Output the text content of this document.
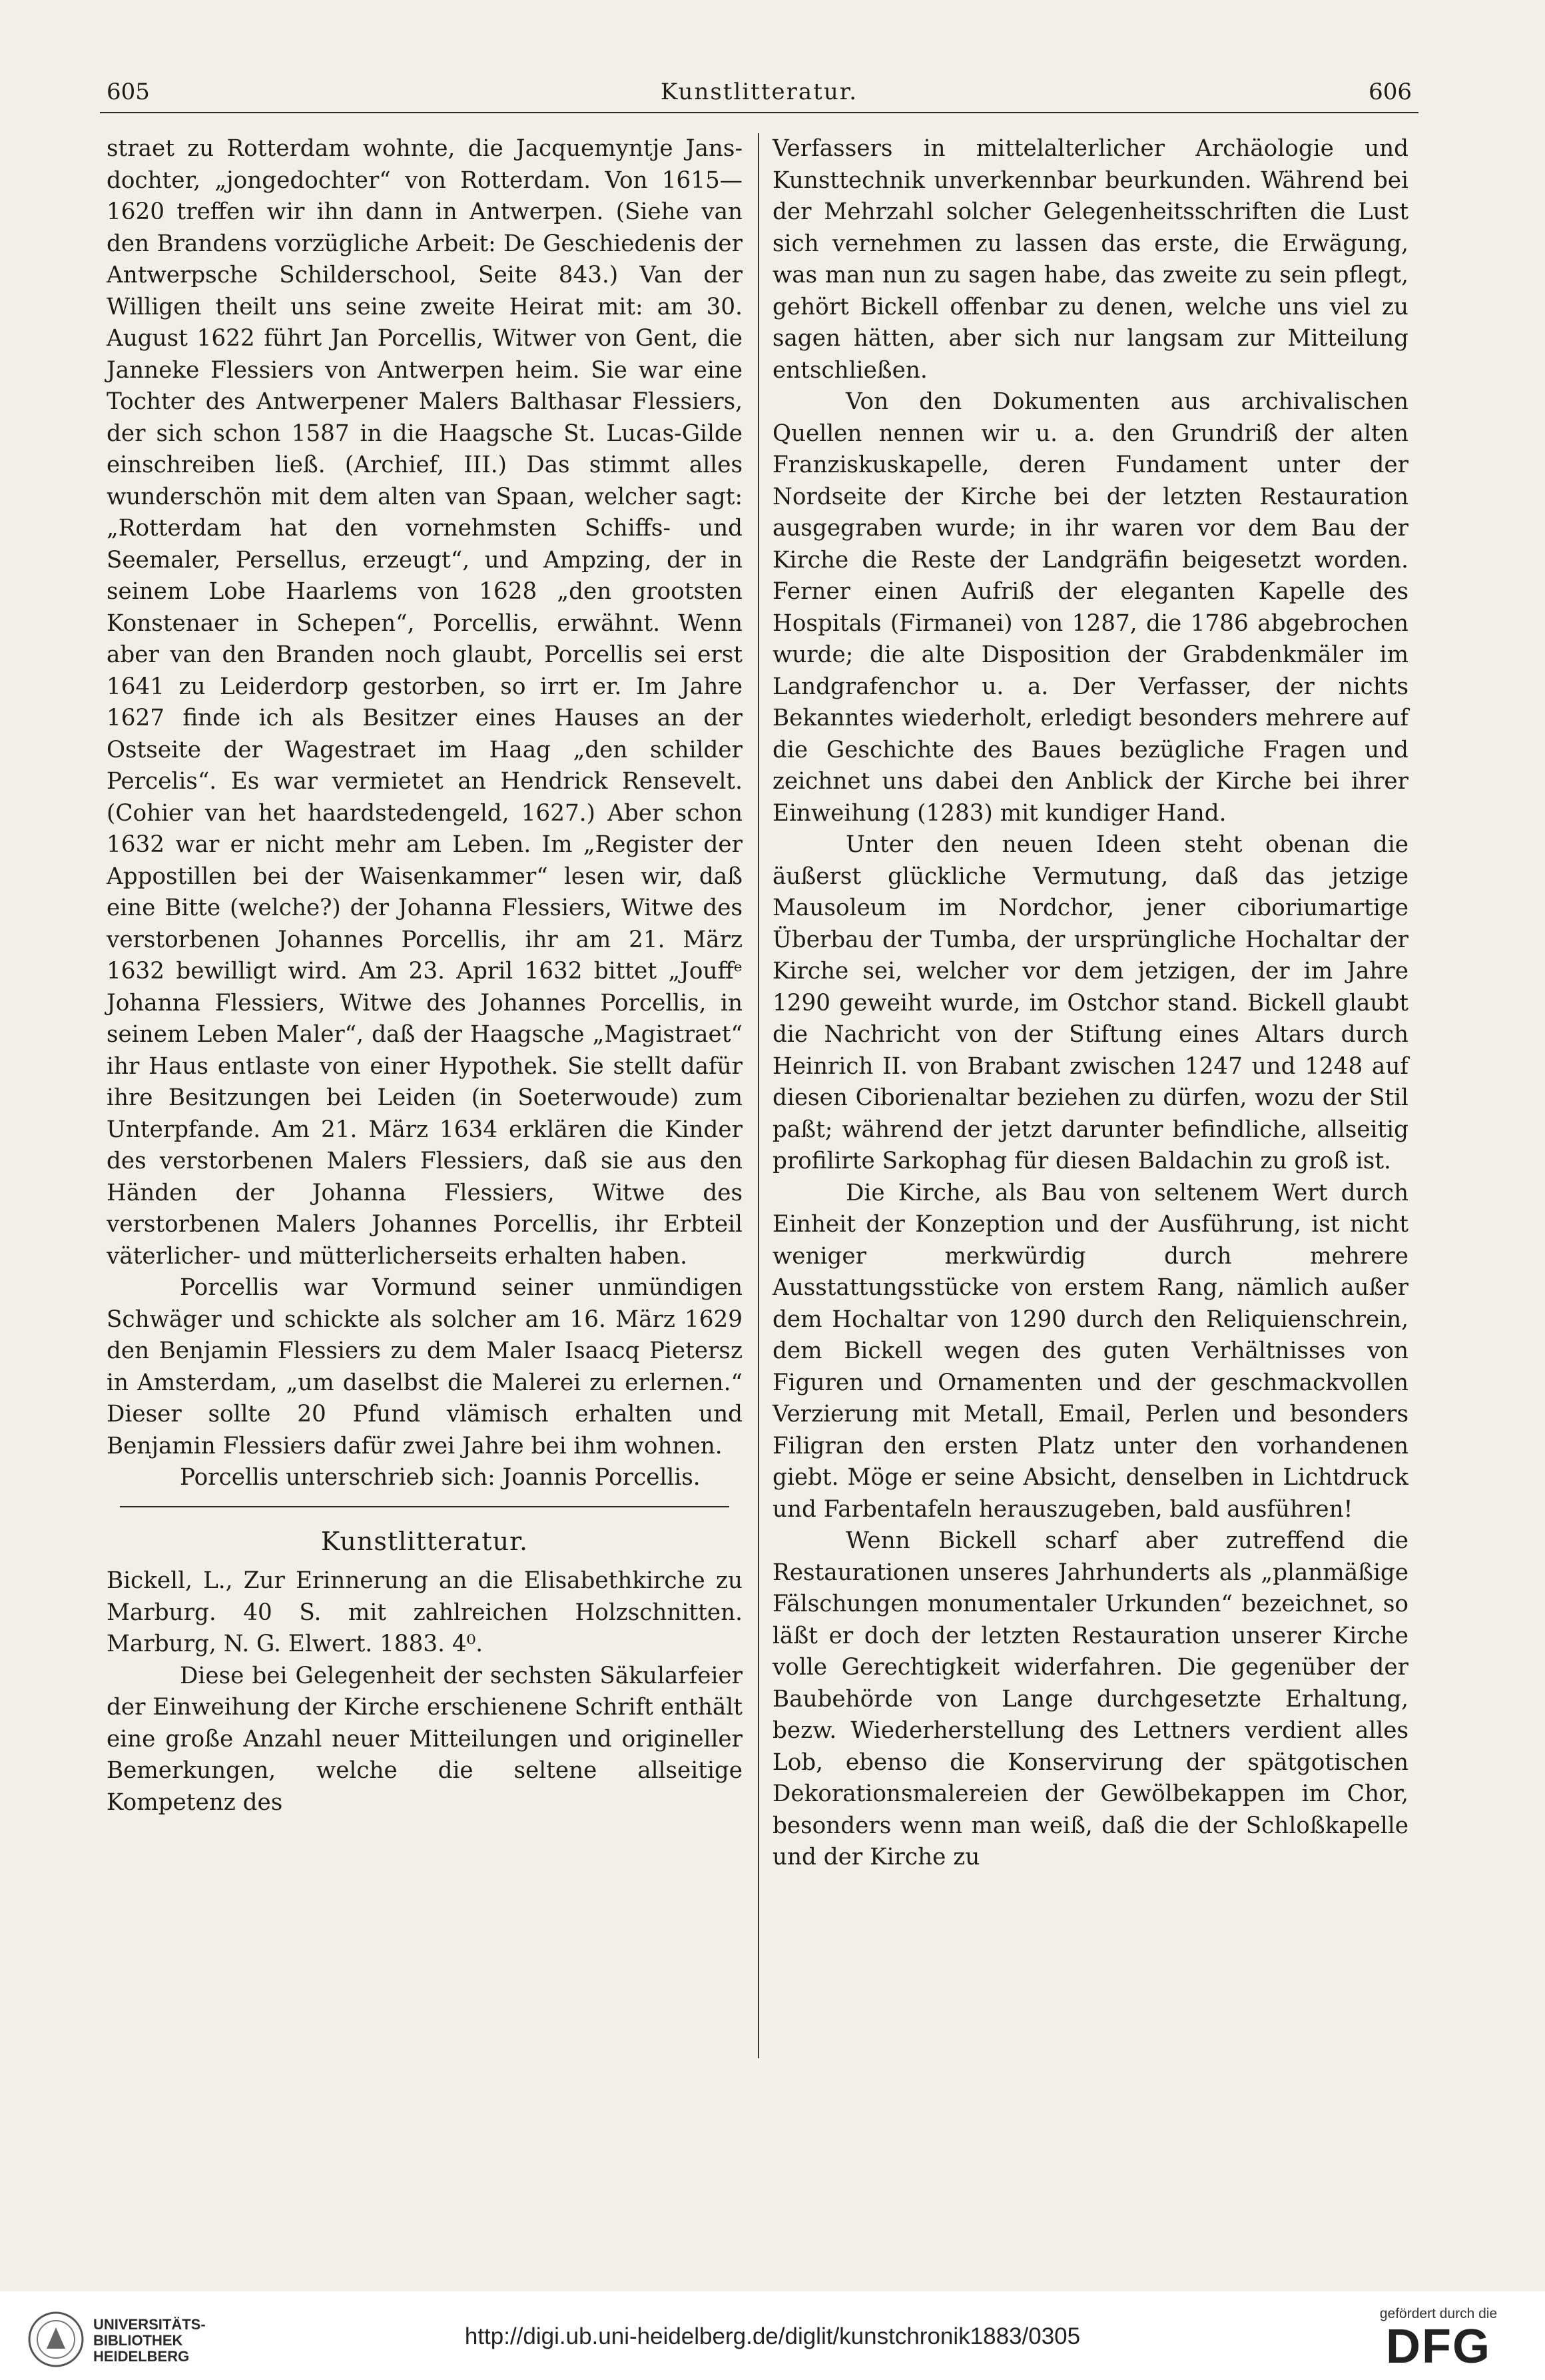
605	Kunstlitteratur.	606

straet zu Rotterdam wohnte, die Jacquemyntje Jans-dochter, „jongedochter“ von Rotterdam. Von 1615—1620 treffen wir ihn dann in Antwerpen. (Siehe van den Brandens vorzügliche Arbeit: De Geschiedenis der Antwerpsche Schilderschool, Seite 843.) Van der Willigen theilt uns seine zweite Heirat mit: am 30. August 1622 führt Jan Porcellis, Witwer von Gent, die Janneke Flessiers von Antwerpen heim. Sie war eine Tochter des Antwerpener Malers Balthasar Flessiers, der sich schon 1587 in die Haagsche St. Lucas-Gilde einschreiben ließ. (Archief, III.) Das stimmt alles wunderschön mit dem alten van Spaan, welcher sagt: „Rotterdam hat den vornehmsten Schiffs- und Seemaler, Persellus, erzeugt“, und Ampzing, der in seinem Lobe Haarlems von 1628 „den grootsten Konstenaer in Schepen“, Porcellis, erwähnt. Wenn aber van den Branden noch glaubt, Porcellis sei erst 1641 zu Leiderdorp gestorben, so irrt er. Im Jahre 1627 finde ich als Besitzer eines Hauses an der Ostseite der Wagestraet im Haag „den schilder Percelis“. Es war vermietet an Hendrick Rensevelt. (Cohier van het haardstedengeld, 1627.) Aber schon 1632 war er nicht mehr am Leben. Im „Register der Appostillen bei der Waisenkammer“ lesen wir, daß eine Bitte (welche?) der Johanna Flessiers, Witwe des verstorbenen Johannes Porcellis, ihr am 21. März 1632 bewilligt wird. Am 23. April 1632 bittet „Jouffᵉ Johanna Flessiers, Witwe des Johannes Porcellis, in seinem Leben Maler“, daß der Haagsche „Magistraet“ ihr Haus entlaste von einer Hypothek. Sie stellt dafür ihre Besitzungen bei Leiden (in Soeterwoude) zum Unterpfande. Am 21. März 1634 erklären die Kinder des verstorbenen Malers Flessiers, daß sie aus den Händen der Johanna Flessiers, Witwe des verstorbenen Malers Johannes Porcellis, ihr Erbteil väterlicher- und mütterlicherseits erhalten haben.

Porcellis war Vormund seiner unmündigen Schwäger und schickte als solcher am 16. März 1629 den Benjamin Flessiers zu dem Maler Isaacq Pietersz in Amsterdam, „um daselbst die Malerei zu erlernen.“ Dieser sollte 20 Pfund vlämisch erhalten und Benjamin Flessiers dafür zwei Jahre bei ihm wohnen.

Porcellis unterschrieb sich: Joannis Porcellis.

Kunstlitteratur.

Bickell, L., Zur Erinnerung an die Elisabethkirche zu Marburg. 40 S. mit zahlreichen Holzschnitten. Marburg, N. G. Elwert. 1883. 4⁰.

Diese bei Gelegenheit der sechsten Säkularfeier der Einweihung der Kirche erschienene Schrift enthält eine große Anzahl neuer Mitteilungen und origineller Bemerkungen, welche die seltene allseitige Kompetenz des

Verfassers in mittelalterlicher Archäologie und Kunsttechnik unverkennbar beurkunden. Während bei der Mehrzahl solcher Gelegenheitsschriften die Lust sich vernehmen zu lassen das erste, die Erwägung, was man nun zu sagen habe, das zweite zu sein pflegt, gehört Bickell offenbar zu denen, welche uns viel zu sagen hätten, aber sich nur langsam zur Mitteilung entschließen.

Von den Dokumenten aus archivalischen Quellen nennen wir u. a. den Grundriß der alten Franziskuskapelle, deren Fundament unter der Nordseite der Kirche bei der letzten Restauration ausgegraben wurde; in ihr waren vor dem Bau der Kirche die Reste der Landgräfin beigesetzt worden. Ferner einen Aufriß der eleganten Kapelle des Hospitals (Firmanei) von 1287, die 1786 abgebrochen wurde; die alte Disposition der Grabdenkmäler im Landgrafenchor u. a. Der Verfasser, der nichts Bekanntes wiederholt, erledigt besonders mehrere auf die Geschichte des Baues bezügliche Fragen und zeichnet uns dabei den Anblick der Kirche bei ihrer Einweihung (1283) mit kundiger Hand.

Unter den neuen Ideen steht obenan die äußerst glückliche Vermutung, daß das jetzige Mausoleum im Nordchor, jener ciboriumartige Überbau der Tumba, der ursprüngliche Hochaltar der Kirche sei, welcher vor dem jetzigen, der im Jahre 1290 geweiht wurde, im Ostchor stand. Bickell glaubt die Nachricht von der Stiftung eines Altars durch Heinrich II. von Brabant zwischen 1247 und 1248 auf diesen Ciborienaltar beziehen zu dürfen, wozu der Stil paßt; während der jetzt darunter befindliche, allseitig profilirte Sarkophag für diesen Baldachin zu groß ist.

Die Kirche, als Bau von seltenem Wert durch Einheit der Konzeption und der Ausführung, ist nicht weniger merkwürdig durch mehrere Ausstattungsstücke von erstem Rang, nämlich außer dem Hochaltar von 1290 durch den Reliquienschrein, dem Bickell wegen des guten Verhältnisses von Figuren und Ornamenten und der geschmackvollen Verzierung mit Metall, Email, Perlen und besonders Filigran den ersten Platz unter den vorhandenen giebt. Möge er seine Absicht, denselben in Lichtdruck und Farbentafeln herauszugeben, bald ausführen!

Wenn Bickell scharf aber zutreffend die Restaurationen unseres Jahrhunderts als „planmäßige Fälschungen monumentaler Urkunden“ bezeichnet, so läßt er doch der letzten Restauration unserer Kirche volle Gerechtigkeit widerfahren. Die gegenüber der Baubehörde von Lange durchgesetzte Erhaltung, bezw. Wiederherstellung des Lettners verdient alles Lob, ebenso die Konservirung der spätgotischen Dekorationsmalereien der Gewölbekappen im Chor, besonders wenn man weiß, daß die der Schloßkapelle und der Kirche zu

UNIVERSITÄTS-
BIBLIOTHEK
HEIDELBERG
http://digi.ub.uni-heidelberg.de/diglit/kunstchronik1883/0305
gefördert durch die
DFG
